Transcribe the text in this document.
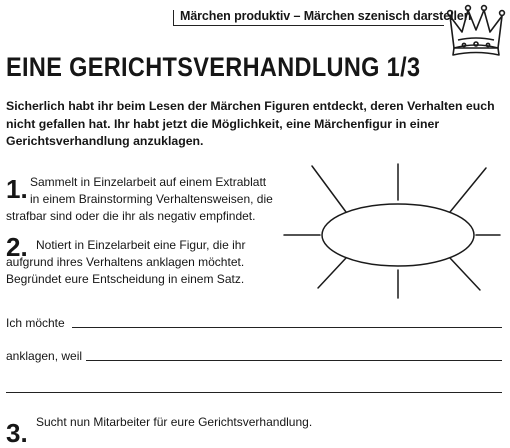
Märchen produktiv – Märchen szenisch darstellen
EINE GERICHTSVERHANDLUNG 1/3
Sicherlich habt ihr beim Lesen der Märchen Figuren entdeckt, deren Verhalten euch nicht gefallen hat. Ihr habt jetzt die Möglichkeit, eine Märchenfigur in einer Gerichtsverhandlung anzuklagen.
1. Sammelt in Einzelarbeit auf einem Extrablatt
in einem Brainstorming Verhaltensweisen, die
strafbar sind oder die ihr als negativ empfindet.
2. Notiert in Einzelarbeit eine Figur, die ihr
aufgrund ihres Verhaltens anklagen möchtet.
Begründet eure Entscheidung in einem Satz.
Ich möchte
anklagen, weil
3. Sucht nun Mitarbeiter für eure Gerichtsverhandlung.
